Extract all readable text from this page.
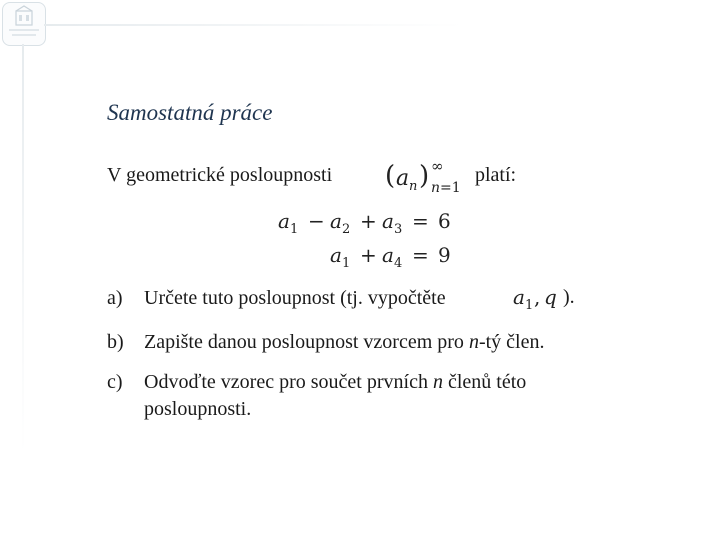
Samostatná práce
V geometrické posloupnosti ( a n ) ∞
n=1
platí:
a 1 − a 2 + a 3 = 6
a 1 + a 4 = 9
a) Určete tuto posloupnost (tj. vypočtěte	a 1 , q ).
b) Zapište danou posloupnost vzorcem pro n-tý člen.
c) Odvoďte vzorec pro součet prvních n členů této
posloupnosti.
